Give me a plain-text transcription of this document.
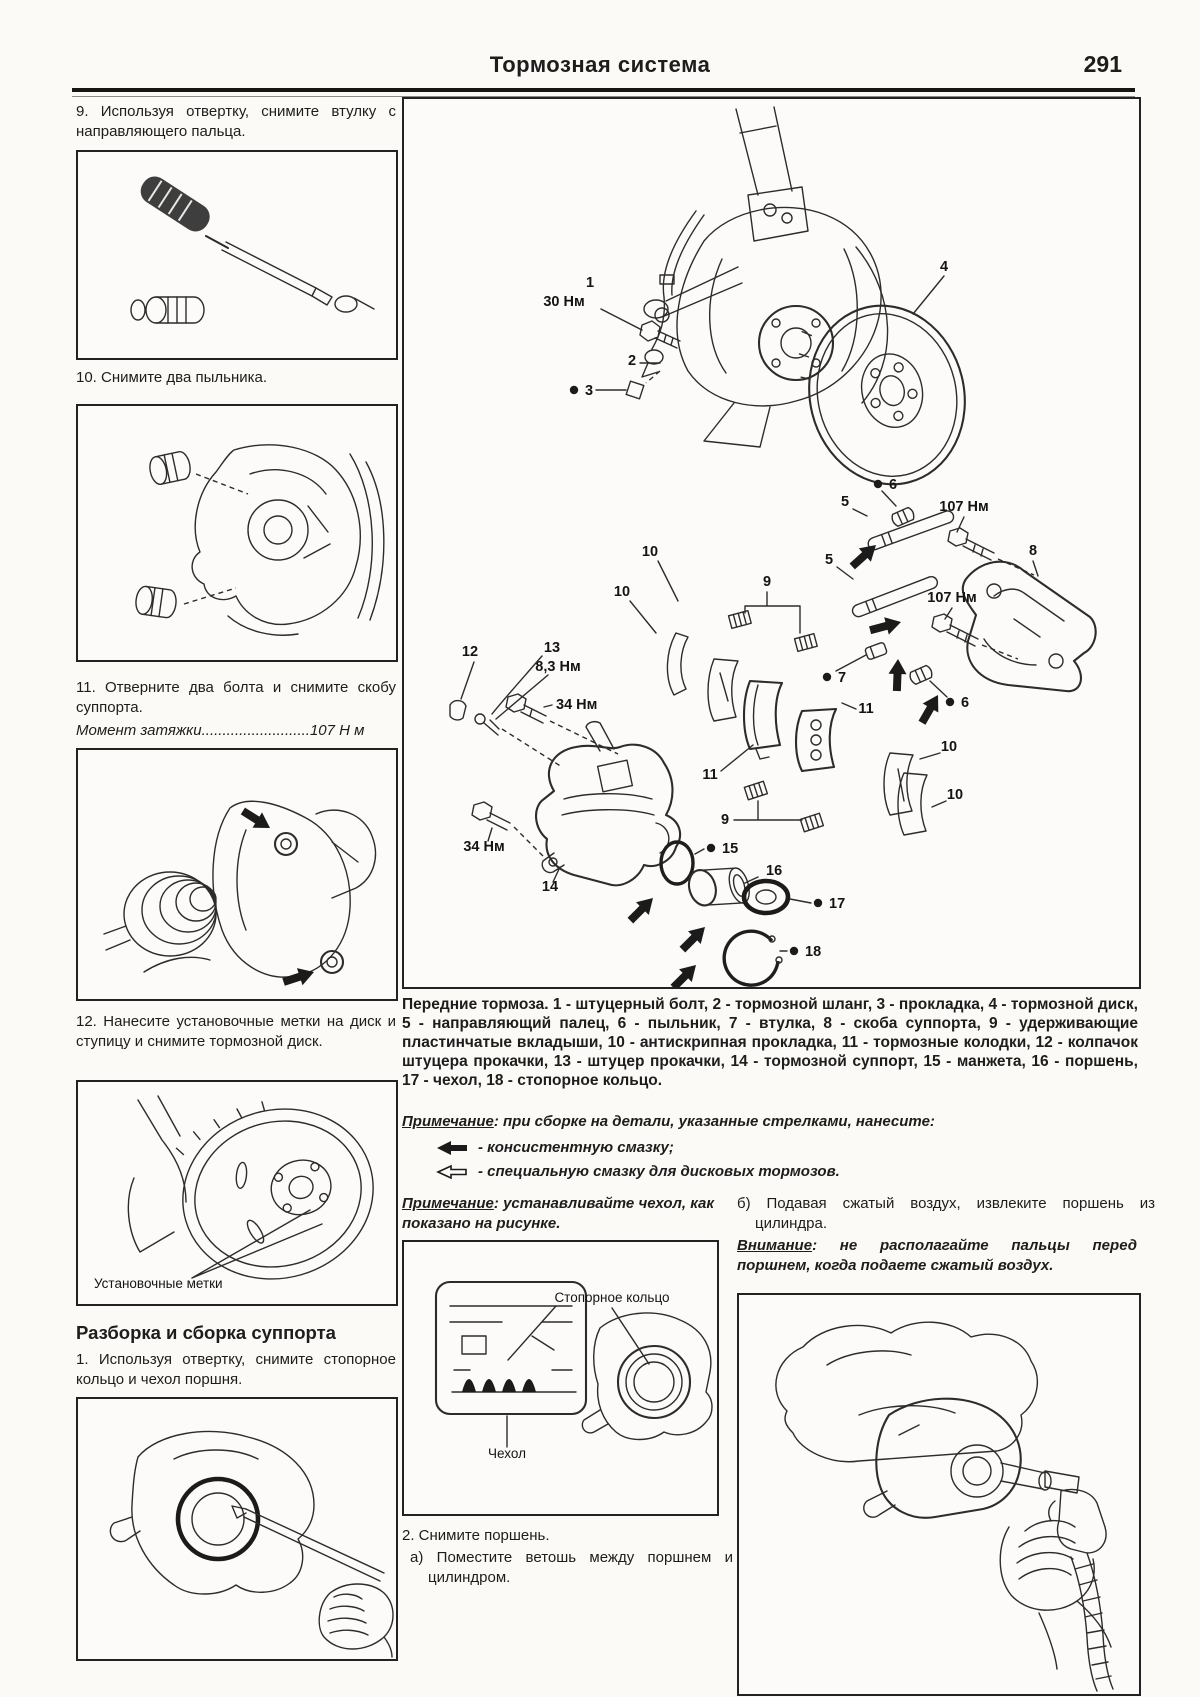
Тормозная система	291
9. Используя отвертку, снимите втулку с направляющего пальца.
10. Снимите два пыльника.
11. Отверните два болта и снимите скобу суппорта.
Момент затяжки..........................107 Н м
12. Нанесите установочные метки на диск и ступицу и снимите тормозной диск.
Установочные метки
Разборка и сборка суппорта
1. Используя отвертку, снимите стопорное кольцо и чехол поршня.
1
30 Нм
2
3
4
6
5	107 Нм
8
5
107 Нм
7
6
10
10
9
12	13
8,3 Нм
34 Нм
14
34 Нм
10
10
9
11
11
15
16
17
18
Передние тормоза. 1 - штуцерный болт, 2 - тормозной шланг, 3 - прокладка, 4 - тормозной диск, 5 - направляющий палец, 6 - пыльник, 7 - втулка, 8 - скоба суппорта, 9 - удерживающие пластинчатые вкладыши, 10 - антискрипная прокладка, 11 - тормозные колодки, 12 - колпачок штуцера прокачки, 13 - штуцер прокачки, 14 - тормозной суппорт, 15 - манжета, 16 - поршень, 17 - чехол, 18 - стопорное кольцо.
Примечание: при сборке на детали, указанные стрелками, нанесите:
- консистентную смазку;
- специальную смазку для дисковых тормозов.
Примечание: устанавливайте чехол, как показано на рисунке.
б) Подавая сжатый воздух, извлеките поршень из цилиндра.
Внимание: не располагайте пальцы перед поршнем, когда подаете сжатый воздух.
Стопорное кольцо
Чехол
2. Снимите поршень.
а) Поместите ветошь между поршнем и цилиндром.
